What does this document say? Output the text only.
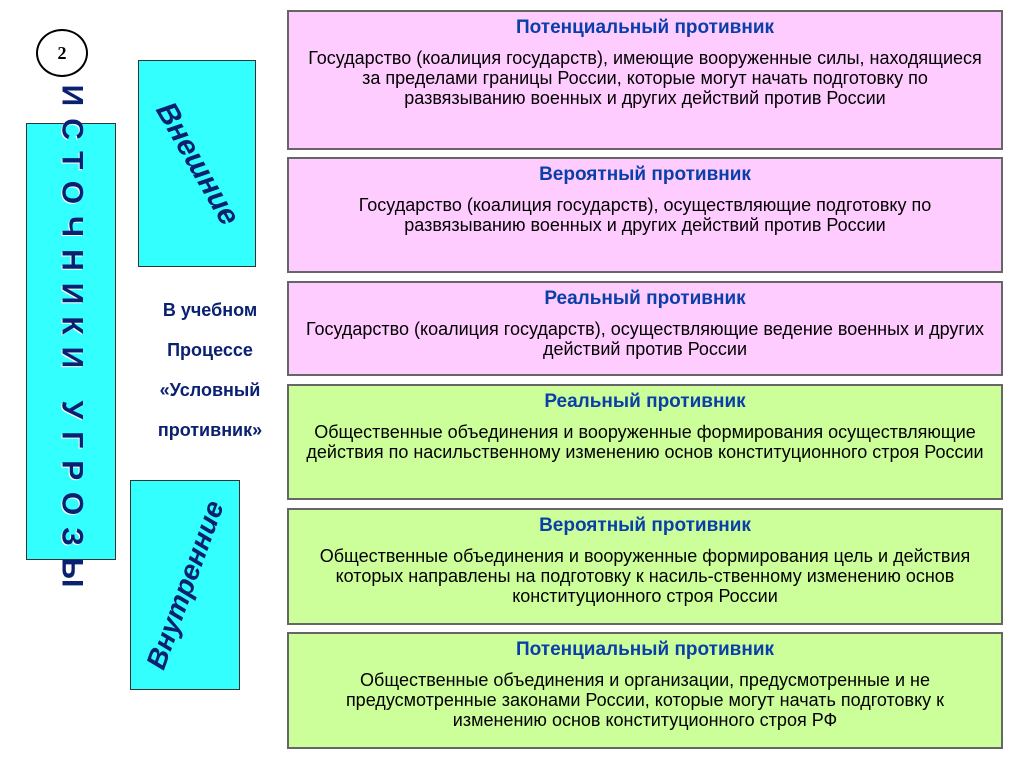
2
ИСТОЧНИКИ УГРОЗЫ Внешние
В учебном
Процессе
«Условный
противник»
Внутренние
Потенциальный противник
Государство (коалиция государств), имеющие вооруженные силы, находящиеся за пределами границы России, которые могут начать подготовку по развязыванию военных и других действий против России
Вероятный противник
Государство (коалиция государств), осуществляющие подготовку по развязыванию военных и других действий против России
Реальный противник
Государство (коалиция государств), осуществляющие ведение военных и других действий против России
Реальный противник
Общественные объединения и вооруженные формирования осуществляющие действия по насильственному изменению основ конституционного строя России
Вероятный противник
Общественные объединения и вооруженные формирования цель и действия которых направлены на подготовку к насиль-ственному изменению основ конституционного строя России
Потенциальный противник
Общественные объединения и организации, предусмотренные и не предусмотренные законами России, которые могут начать подготовку к изменению основ конституционного строя РФ
